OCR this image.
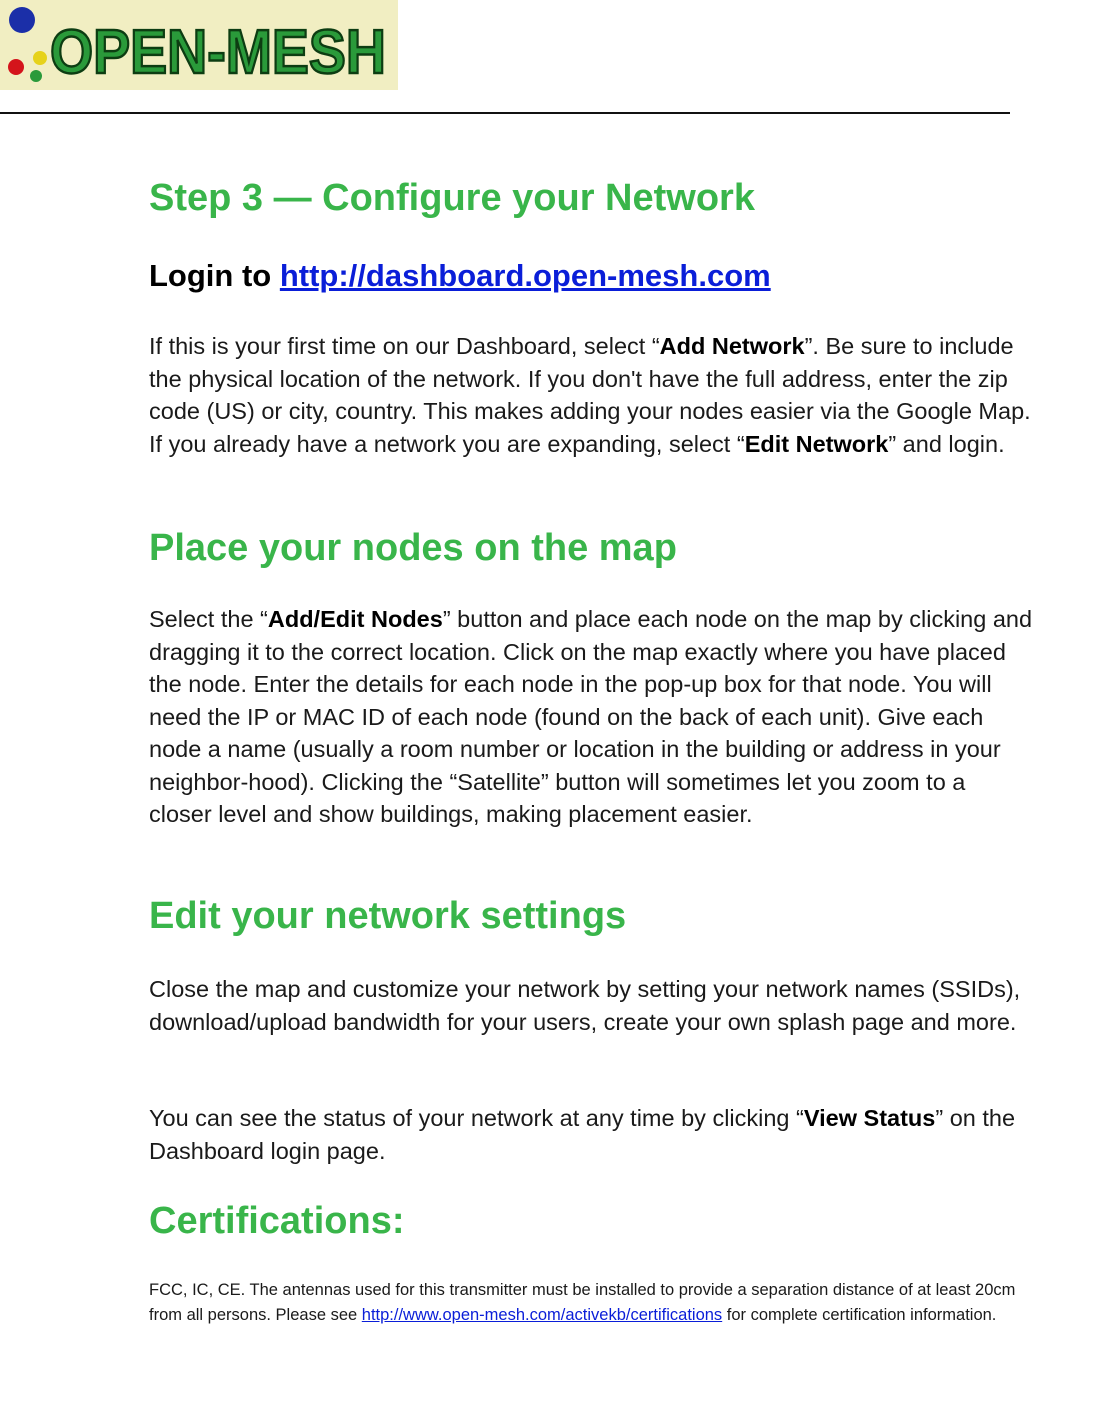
OPEN-MESH
Step 3 — Configure your Network
Login to http://dashboard.open-mesh.com

If this is your first time on our Dashboard, select “Add Network”. Be sure to include the physical location of the network. If you don't have the full address, enter the zip code (US) or city, country. This makes adding your nodes easier via the Google Map. If you already have a network you are expanding, select “Edit Network” and login.

Place your nodes on the map

Select the “Add/Edit Nodes” button and place each node on the map by clicking and dragging it to the correct location. Click on the map exactly where you have placed the node. Enter the details for each node in the pop-up box for that node. You will need the IP or MAC ID of each node (found on the back of each unit). Give each node a name (usually a room number or location in the building or address in your neighbor-hood). Clicking the “Satellite” button will sometimes let you zoom to a closer level and show buildings, making placement easier.

Edit your network settings

Close the map and customize your network by setting your network names (SSIDs), download/upload bandwidth for your users, create your own splash page and more.

You can see the status of your network at any time by clicking “View Status” on the Dashboard login page.

Certifications:

FCC, IC, CE. The antennas used for this transmitter must be installed to provide a separation distance of at least 20cm from all persons. Please see http://www.open-mesh.com/activekb/certifications for complete certification information.
